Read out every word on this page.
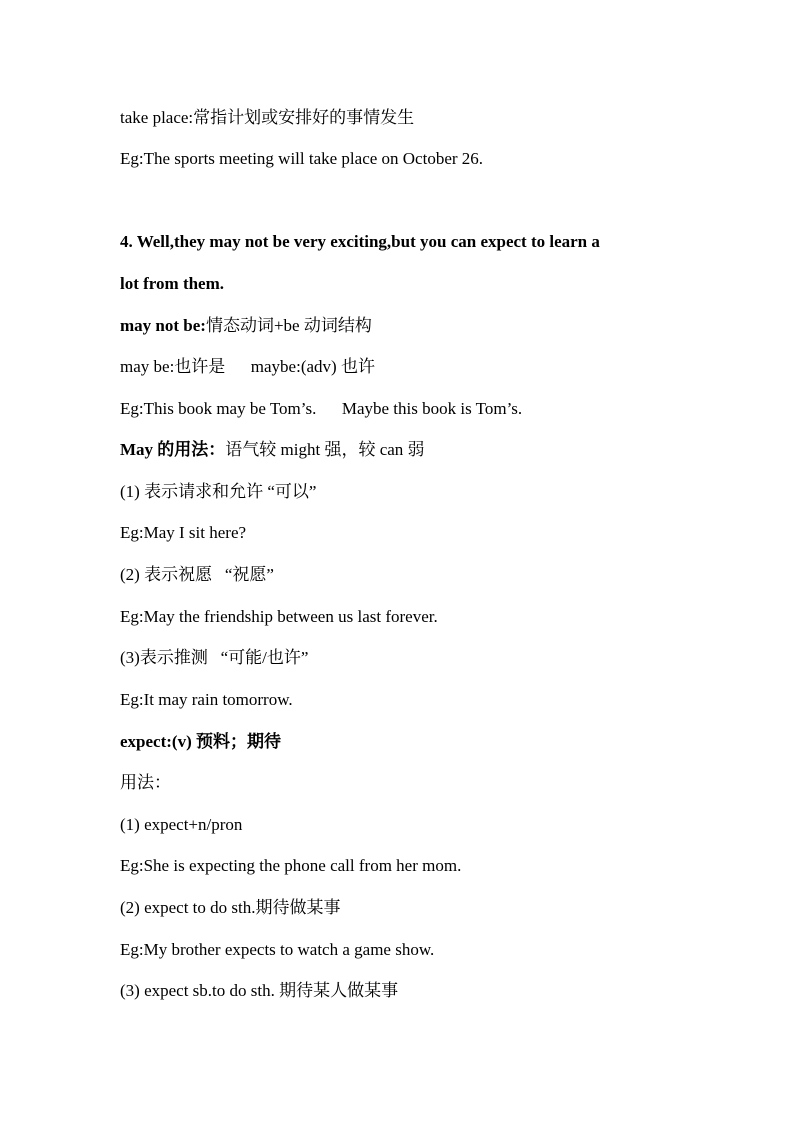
take place:常指计划或安排好的事情发生
Eg:The sports meeting will take place on October 26.
4. Well,they may not be very exciting,but you can expect to learn a
lot from them.
may not be:情态动词+be 动词结构
may be:也许是      maybe:(adv) 也许
Eg:This book may be Tom’s.      Maybe this book is Tom’s.
May 的用法：语气较 might 强，较 can 弱
(1) 表示请求和允许 “可以”
Eg:May I sit here?
(2) 表示祝愿   “祝愿”
Eg:May the friendship between us last forever.
(3)表示推测   “可能/也许”
Eg:It may rain tomorrow.
expect:(v) 预料；期待
用法：
(1) expect+n/pron
Eg:She is expecting the phone call from her mom.
(2) expect to do sth.期待做某事
Eg:My brother expects to watch a game show.
(3) expect sb.to do sth. 期待某人做某事
